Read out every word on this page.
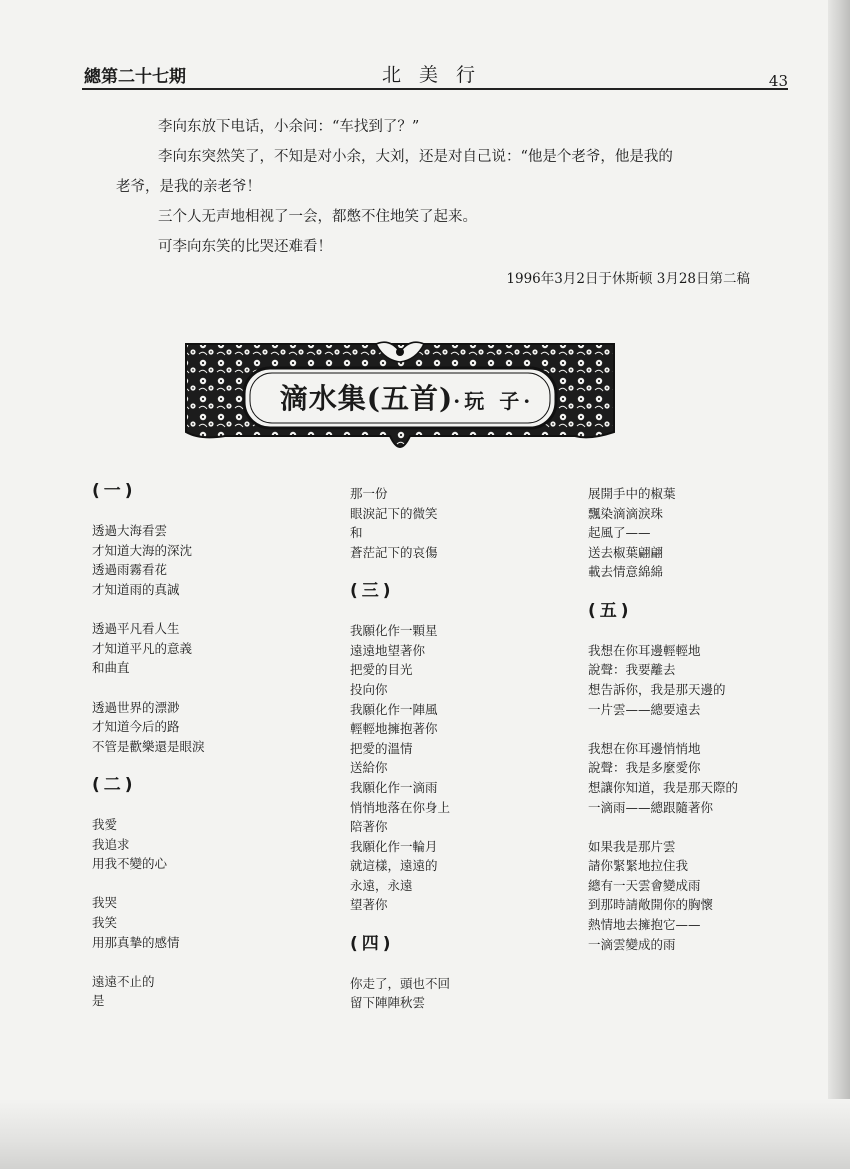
總第二十七期	北美行	43

李向东放下电话，小余问：“车找到了？”

李向东突然笑了，不知是对小余，大刘，还是对自己说：“他是个老爷，他是我的

老爷，是我的亲老爷！

三个人无声地相视了一会，都憋不住地笑了起来。

可李向东笑的比哭还难看！

1996年3月2日于休斯顿 3月28日第二稿
滴水集(五首)·玩 子·
(一)
透過大海看雲
才知道大海的深沈
透過雨霧看花
才知道雨的真誠
透過平凡看人生
才知道平凡的意義
和曲直
透過世界的漂渺
才知道今后的路
不管是歡樂還是眼淚
(二)
我愛
我追求
用我不變的心
我哭
我笑
用那真摯的感情
遠遠不止的
是
那一份
眼淚記下的微笑
和
蒼茫記下的哀傷
(三)
我願化作一顆星
遠遠地望著你
把愛的目光
投向你
我願化作一陣風
輕輕地擁抱著你
把愛的溫情
送給你
我願化作一滴雨
悄悄地落在你身上
陪著你
我願化作一輪月
就這樣，遠遠的
永遠，永遠
望著你
(四)
你走了，頭也不回
留下陣陣秋雲
展開手中的椒葉
飄染滴滴淚珠
起風了——
送去椒葉翩翩
載去情意綿綿
(五)
我想在你耳邊輕輕地
說聲：我要離去
想告訴你，我是那天邊的
一片雲——總要遠去
我想在你耳邊悄悄地
說聲：我是多麼愛你
想讓你知道，我是那天際的
一滴雨——總跟隨著你
如果我是那片雲
請你緊緊地拉住我
總有一天雲會變成雨
到那時請敞開你的胸懷
熱情地去擁抱它——
一滴雲變成的雨
